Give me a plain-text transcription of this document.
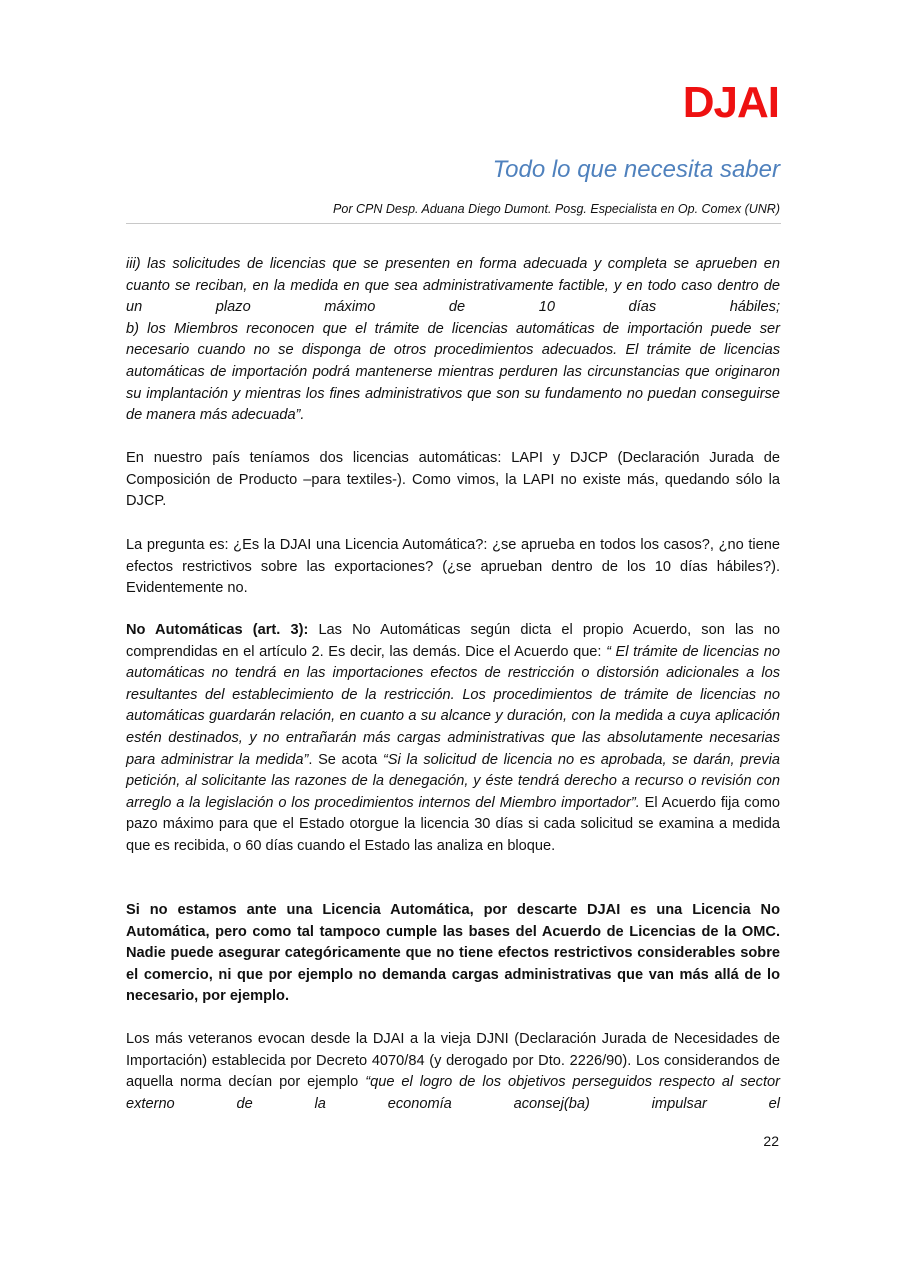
DJAI
Todo lo que necesita saber
Por CPN Desp. Aduana Diego Dumont. Posg. Especialista en Op. Comex (UNR)
iii) las solicitudes de licencias que se presenten en forma adecuada y completa se aprueben en cuanto se reciban, en la medida en que sea administrativamente factible, y en todo caso dentro de un plazo máximo de 10 días hábiles;
b) los Miembros reconocen que el trámite de licencias automáticas de importación puede ser necesario cuando no se disponga de otros procedimientos adecuados. El trámite de licencias automáticas de importación podrá mantenerse mientras perduren las circunstancias que originaron su implantación y mientras los fines administrativos que son su fundamento no puedan conseguirse de manera más adecuada”.
En nuestro país teníamos dos licencias automáticas: LAPI y DJCP (Declaración Jurada de Composición de Producto –para textiles-). Como vimos, la LAPI no existe más, quedando sólo la DJCP.
La pregunta es: ¿Es la DJAI una Licencia Automática?: ¿se aprueba en todos los casos?, ¿no tiene efectos restrictivos sobre las exportaciones? (¿se aprueban dentro de los 10 días hábiles?). Evidentemente no.
No Automáticas (art. 3): Las No Automáticas según dicta el propio Acuerdo, son las no comprendidas en el artículo 2. Es decir, las demás. Dice el Acuerdo que: “ El trámite de licencias no automáticas no tendrá en las importaciones efectos de restricción o distorsión adicionales a los resultantes del establecimiento de la restricción. Los procedimientos de trámite de licencias no automáticas guardarán relación, en cuanto a su alcance y duración, con la medida a cuya aplicación estén destinados, y no entrañarán más cargas administrativas que las absolutamente necesarias para administrar la medida”. Se acota “Si la solicitud de licencia no es aprobada, se darán, previa petición, al solicitante las razones de la denegación, y éste tendrá derecho a recurso o revisión con arreglo a la legislación o los procedimientos internos del Miembro importador”. El Acuerdo fija como pazo máximo para que el Estado otorgue la licencia 30 días si cada solicitud se examina a medida que es recibida, o 60 días cuando el Estado las analiza en bloque.
Si no estamos ante una Licencia Automática, por descarte DJAI es una Licencia No Automática, pero como tal tampoco cumple las bases del Acuerdo de Licencias de la OMC. Nadie puede asegurar categóricamente que no tiene efectos restrictivos considerables sobre el comercio, ni que por ejemplo no demanda cargas administrativas que van más allá de lo necesario, por ejemplo.
Los más veteranos evocan desde la DJAI a la vieja DJNI (Declaración Jurada de Necesidades de Importación) establecida por Decreto 4070/84 (y derogado por Dto. 2226/90). Los considerandos de aquella norma decían por ejemplo “que el logro de los objetivos perseguidos respecto al sector externo de la economía aconsej(ba) impulsar el
22
